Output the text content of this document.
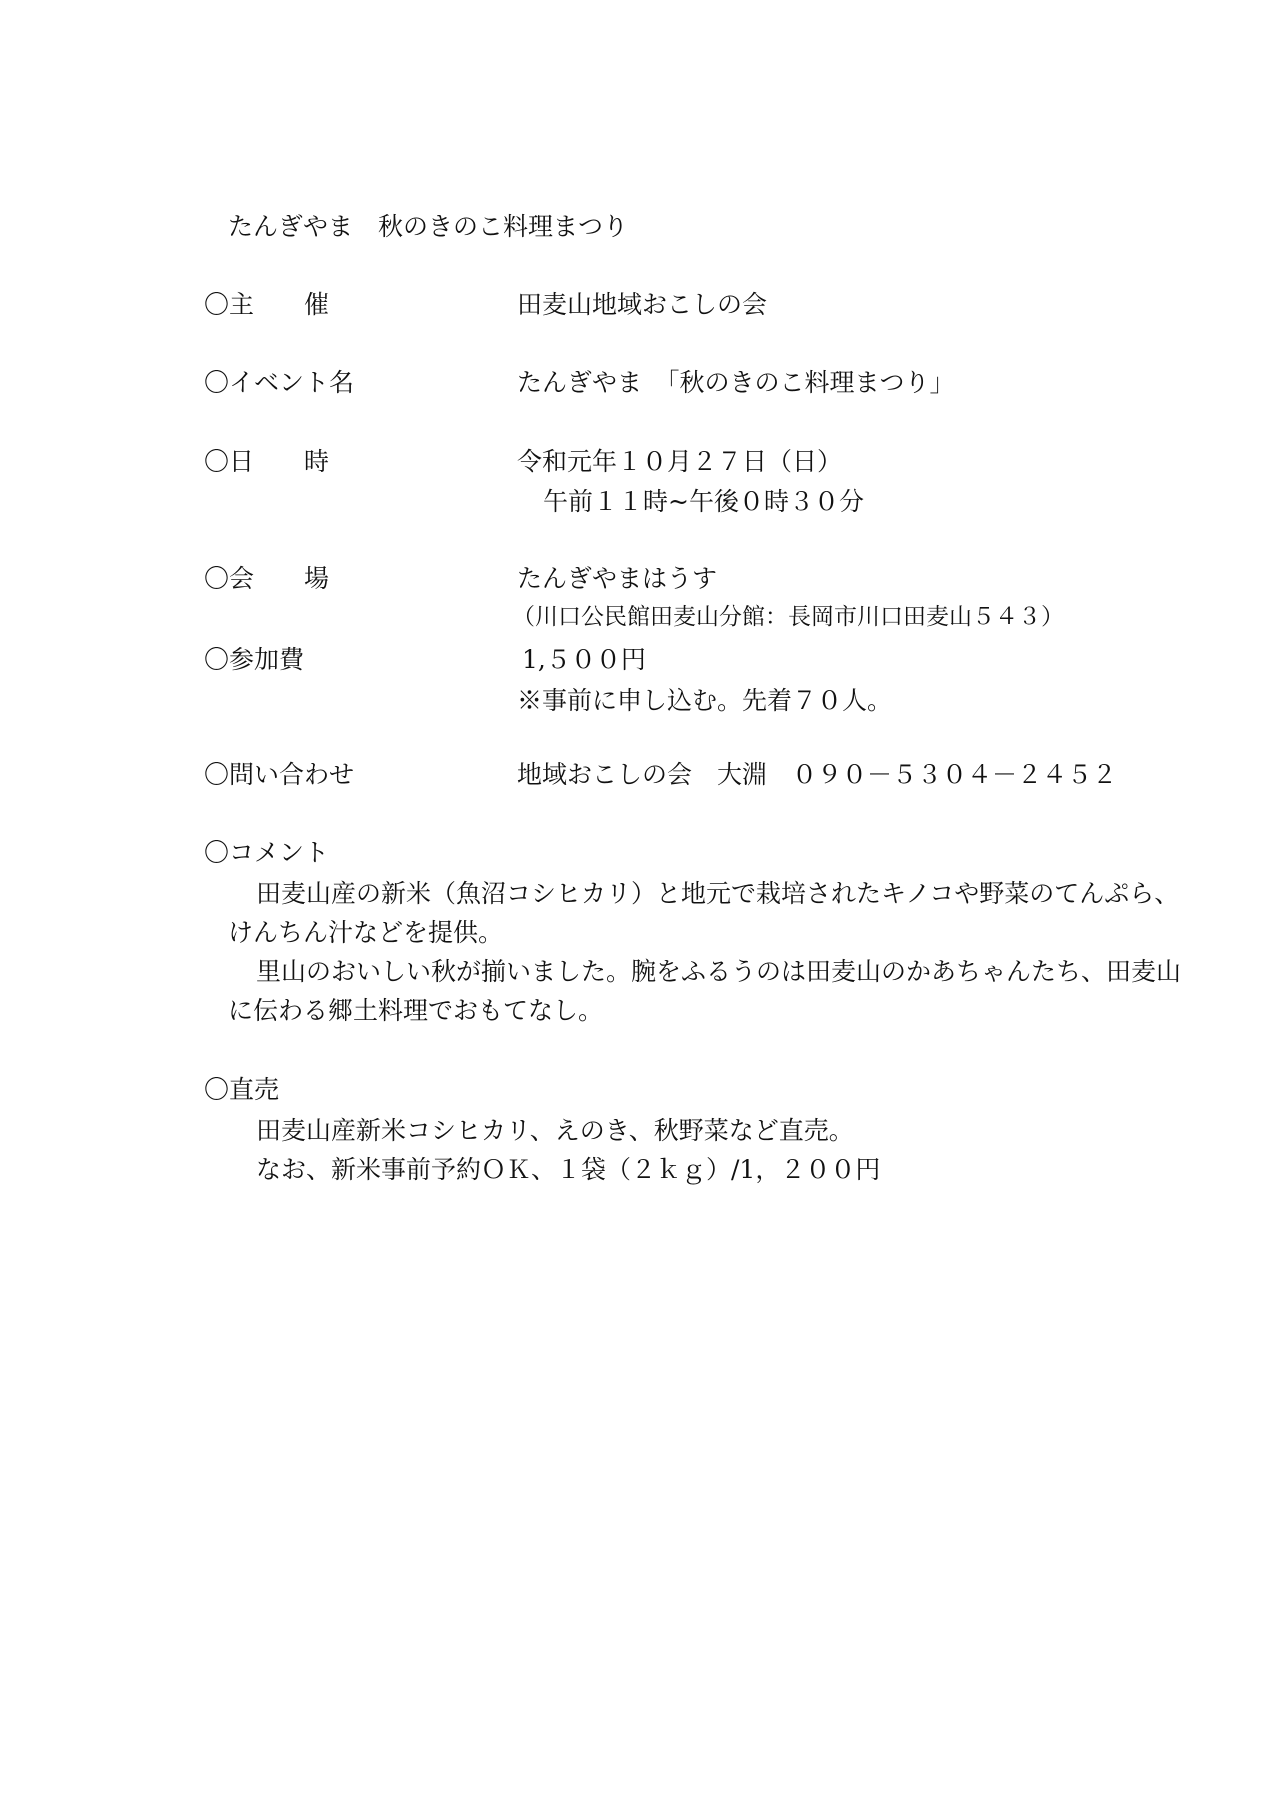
たんぎやま　秋のきのこ料理まつり
〇主　　催	田麦山地域おこしの会
〇イベント名	たんぎやま　「秋のきのこ料理まつり」
〇日　　時	令和元年１０月２７日（日）
午前１１時~午後０時３０分
〇会　　場	たんぎやまはうす
（川口公民館田麦山分館：長岡市川口田麦山５４３）
〇参加費	1,５００円
※事前に申し込む。先着７０人。
〇問い合わせ	地域おこしの会　大淵　０９０－５３０４－２４５２
〇コメント
田麦山産の新米（魚沼コシヒカリ）と地元で栽培されたキノコや野菜のてんぷら、
けんちん汁などを提供。
里山のおいしい秋が揃いました。腕をふるうのは田麦山のかあちゃんたち、田麦山
に伝わる郷土料理でおもてなし。
〇直売
田麦山産新米コシヒカリ、えのき、秋野菜など直売。
なお、新米事前予約ＯＫ、１袋（２ｋｇ）/1，２００円
